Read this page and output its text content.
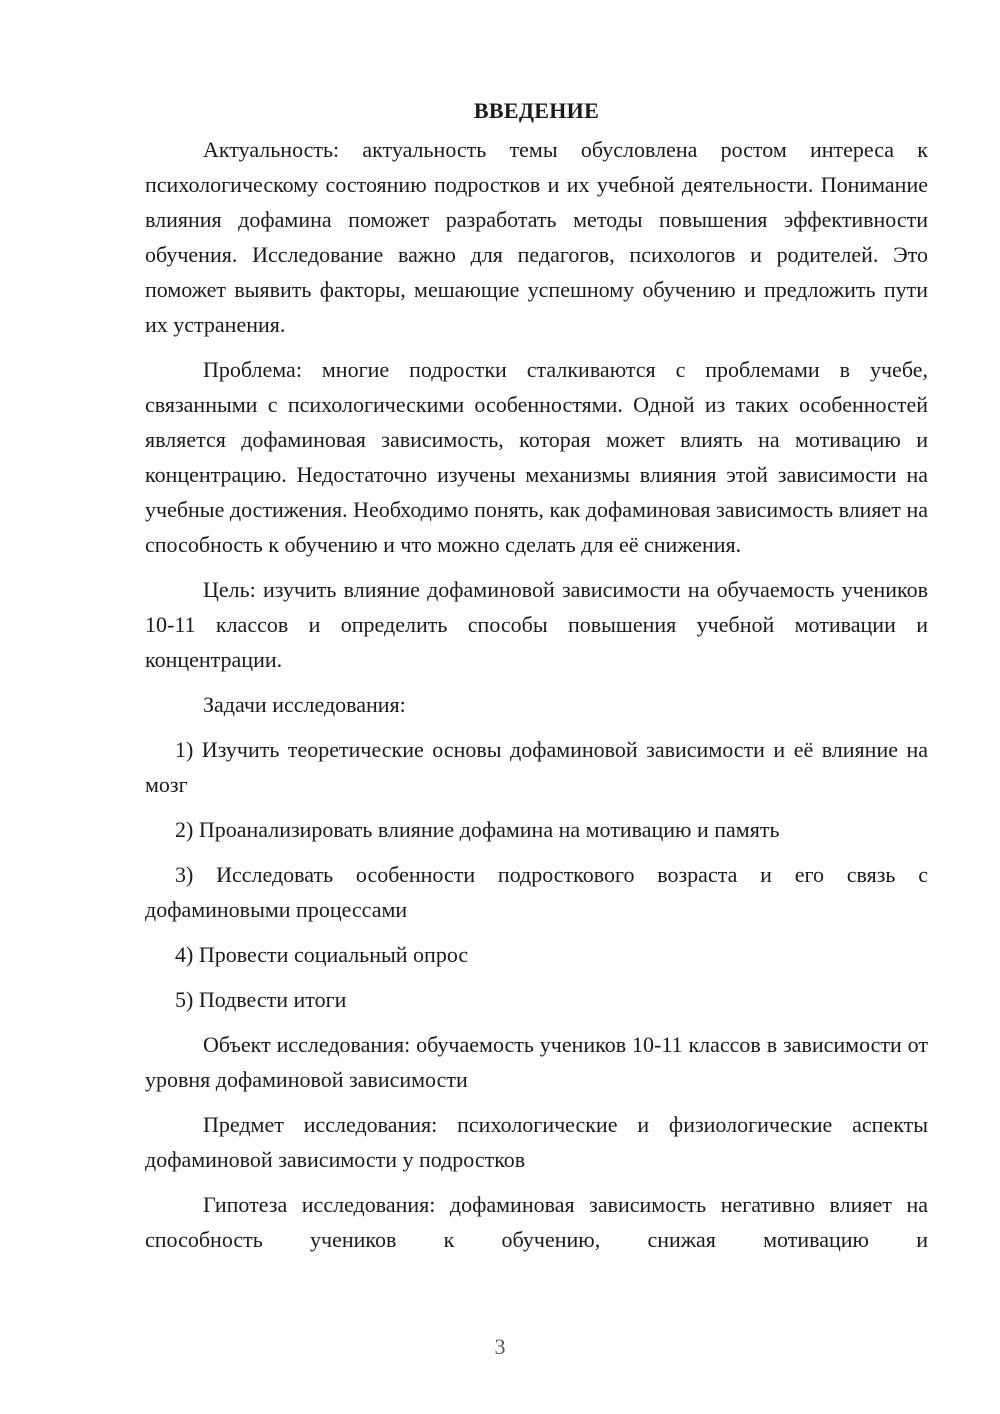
ВВЕДЕНИЕ

Актуальность: актуальность темы обусловлена ростом интереса к психологическому состоянию подростков и их учебной деятельности. Понимание влияния дофамина поможет разработать методы повышения эффективности обучения. Исследование важно для педагогов, психологов и родителей. Это поможет выявить факторы, мешающие успешному обучению и предложить пути их устранения.

Проблема: многие подростки сталкиваются с проблемами в учебе, связанными с психологическими особенностями. Одной из таких особенностей является дофаминовая зависимость, которая может влиять на мотивацию и концентрацию. Недостаточно изучены механизмы влияния этой зависимости на учебные достижения. Необходимо понять, как дофаминовая зависимость влияет на способность к обучению и что можно сделать для её снижения.

Цель: изучить влияние дофаминовой зависимости на обучаемость учеников 10-11 классов и определить способы повышения учебной мотивации и концентрации.

Задачи исследования:

1) Изучить теоретические основы дофаминовой зависимости и её влияние на мозг

2) Проанализировать влияние дофамина на мотивацию и память

3) Исследовать особенности подросткового возраста и его связь с дофаминовыми процессами

4) Провести социальный опрос

5) Подвести итоги

Объект исследования: обучаемость учеников 10-11 классов в зависимости от уровня дофаминовой зависимости

Предмет исследования: психологические и физиологические аспекты дофаминовой зависимости у подростков

Гипотеза исследования: дофаминовая зависимость негативно влияет на способность учеников к обучению, снижая мотивацию и

3
